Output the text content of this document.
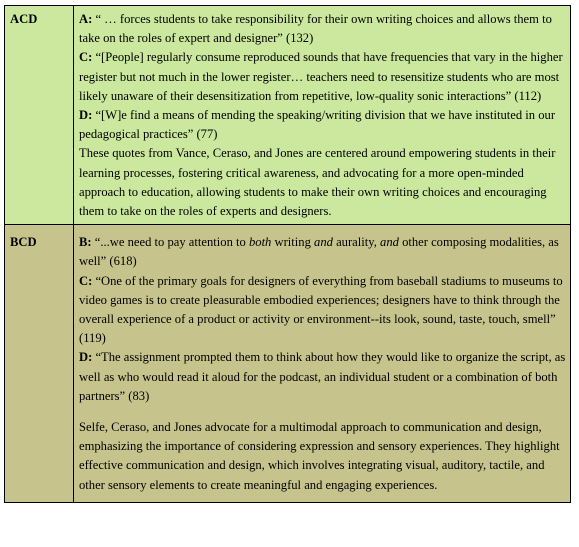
ACD	A: “ … forces students to take responsibility for their own writing choices and allows them to take on the roles of expert and designer” (132)

C: “[People] regularly consume reproduced sounds that have frequencies that vary in the higher register but not much in the lower register… teachers need to resensitize students who are most likely unaware of their desensitization from repetitive, low-quality sonic interactions” (112)

D: “[W]e find a means of mending the speaking/writing division that we have instituted in our pedagogical practices” (77)

These quotes from Vance, Ceraso, and Jones are centered around empowering students in their learning processes, fostering critical awareness, and advocating for a more open-minded approach to education, allowing students to make their own writing choices and encouraging them to take on the roles of experts and designers.

BCD	B: “...we need to pay attention to both writing and aurality, and other composing modalities, as well” (618)

C: “One of the primary goals for designers of everything from baseball stadiums to museums to video games is to create pleasurable embodied experiences; designers have to think through the overall experience of a product or activity or environment--its look, sound, taste, touch, smell” (119)

D: “The assignment prompted them to think about how they would like to organize the script, as well as who would read it aloud for the podcast, an individual student or a combination of both partners” (83)

Selfe, Ceraso, and Jones advocate for a multimodal approach to communication and design, emphasizing the importance of considering expression and sensory experiences. They highlight effective communication and design, which involves integrating visual, auditory, tactile, and other sensory elements to create meaningful and engaging experiences.
